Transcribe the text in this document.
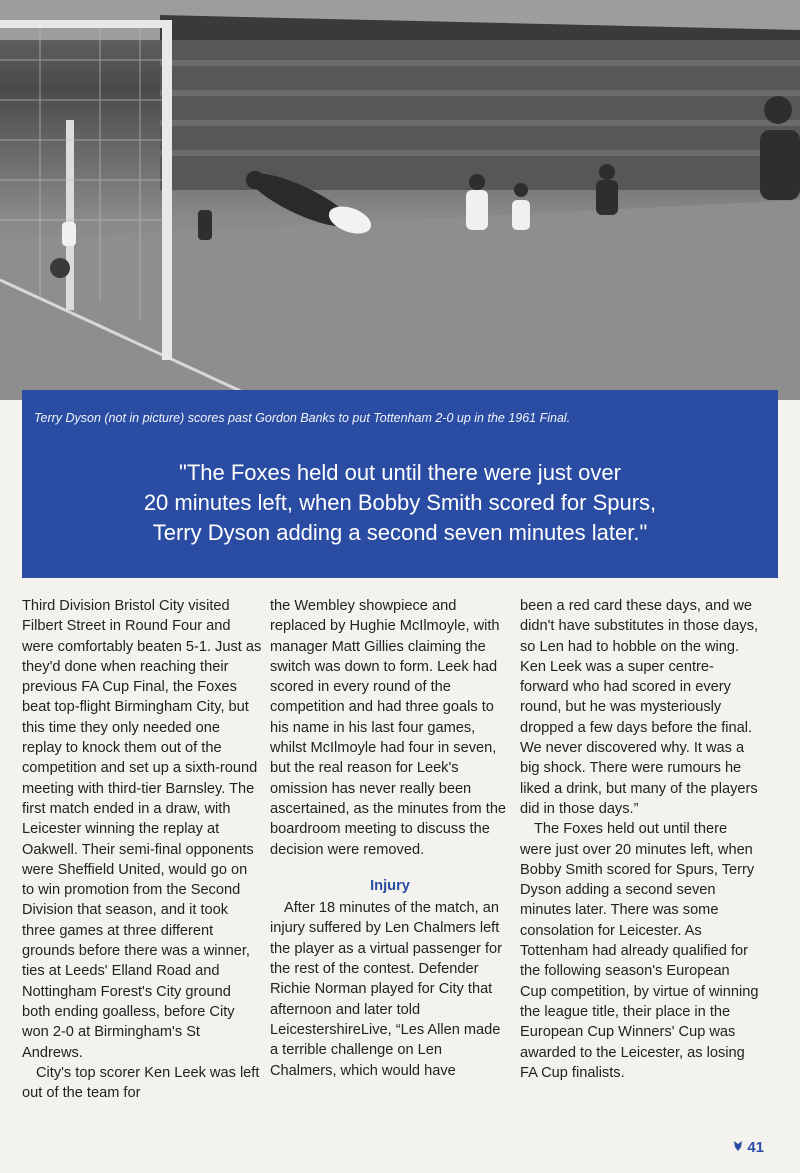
Terry Dyson (not in picture) scores past Gordon Banks to put Tottenham 2-0 up in the 1961 Final.
"The Foxes held out until there were just over
20 minutes left, when Bobby Smith scored for Spurs,
Terry Dyson adding a second seven minutes later."

Third Division Bristol City visited Filbert Street in Round Four and were comfortably beaten 5-1. Just as they'd done when reaching their previous FA Cup Final, the Foxes beat top-flight Birmingham City, but this time they only needed one replay to knock them out of the competition and set up a sixth-round meeting with third-tier Barnsley. The first match ended in a draw, with Leicester winning the replay at Oakwell. Their semi-final opponents were Sheffield United, would go on to win promotion from the Second Division that season, and it took three games at three different grounds before there was a winner, ties at Leeds' Elland Road and Nottingham Forest's City ground both ending goalless, before City won 2-0 at Birmingham's St Andrews.

City's top scorer Ken Leek was left out of the team for

the Wembley showpiece and replaced by Hughie McIlmoyle, with manager Matt Gillies claiming the switch was down to form. Leek had scored in every round of the competition and had three goals to his name in his last four games, whilst McIlmoyle had four in seven, but the real reason for Leek's omission has never really been ascertained, as the minutes from the boardroom meeting to discuss the decision were removed.

Injury

After 18 minutes of the match, an injury suffered by Len Chalmers left the player as a virtual passenger for the rest of the contest. Defender Richie Norman played for City that afternoon and later told LeicestershireLive, “Les Allen made a terrible challenge on Len Chalmers, which would have

been a red card these days, and we didn't have substitutes in those days, so Len had to hobble on the wing. Ken Leek was a super centre-forward who had scored in every round, but he was mysteriously dropped a few days before the final. We never discovered why. It was a big shock. There were rumours he liked a drink, but many of the players did in those days.”

The Foxes held out until there were just over 20 minutes left, when Bobby Smith scored for Spurs, Terry Dyson adding a second seven minutes later. There was some consolation for Leicester. As Tottenham had already qualified for the following season's European Cup competition, by virtue of winning the league title, their place in the European Cup Winners' Cup was awarded to the Leicester, as losing FA Cup finalists.

41
